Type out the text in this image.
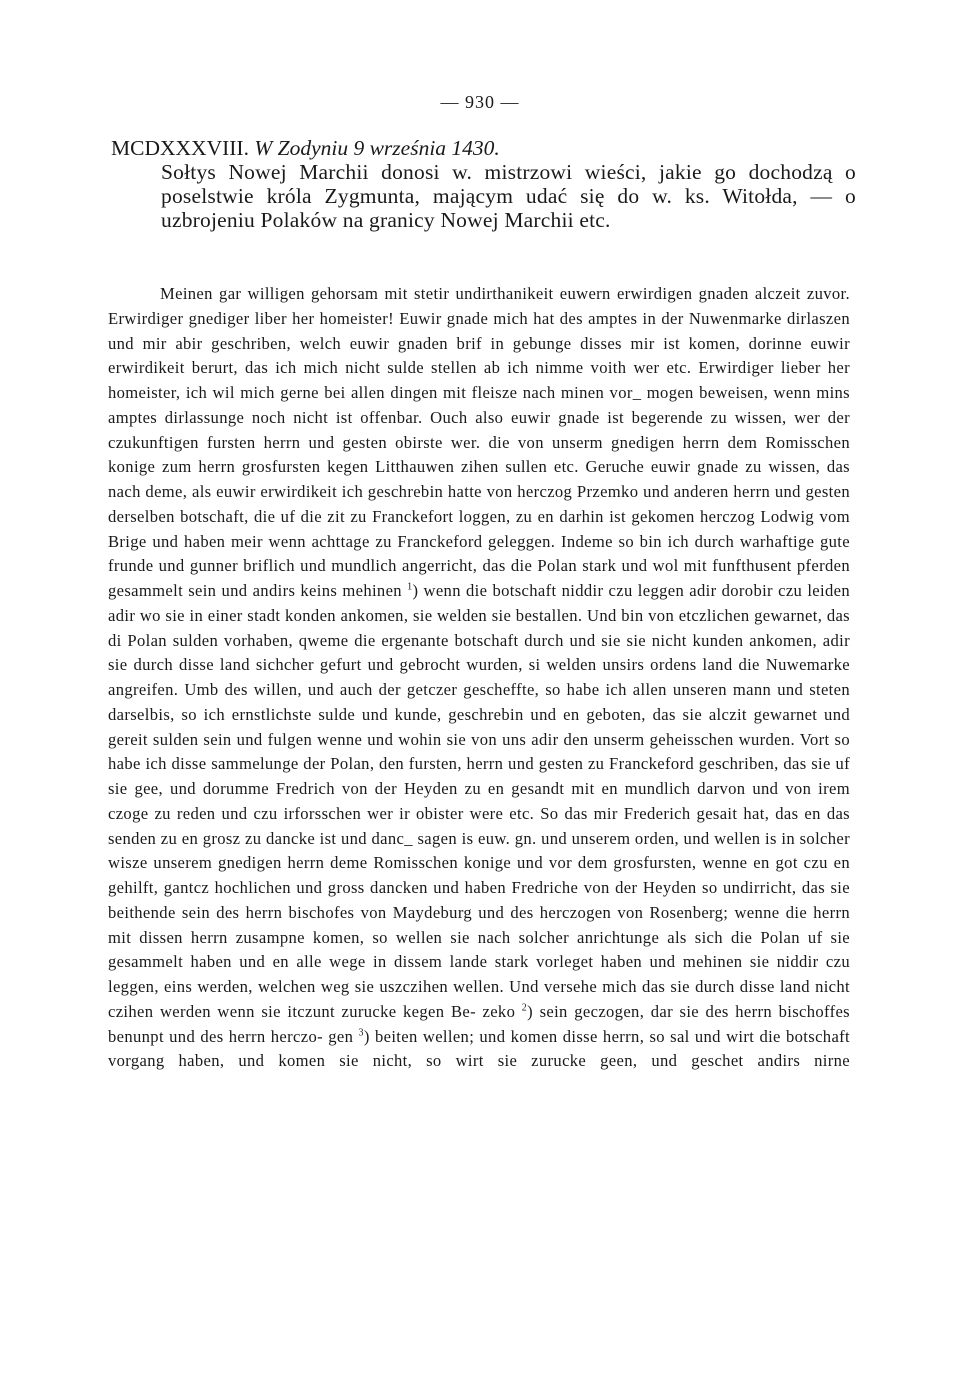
— 930 —
MCDXXXVIII. W Zodyniu 9 września 1430.

Sołtys Nowej Marchii donosi w. mistrzowi wieści, jakie go dochodzą o poselstwie króla Zygmunta, mającym udać się do w. ks. Witołda, — o uzbrojeniu Polaków na granicy Nowej Marchii etc.

Meinen gar willigen gehorsam mit stetir undirthanikeit euwern erwirdigen gnaden alczeit zuvor. Erwirdiger gnediger liber her homeister! Euwir gnade mich hat des amptes in der Nuwenmarke dirlaszen und mir abir geschriben, welch euwir gnaden brif in gebunge disses mir ist komen, dorinne euwir erwirdikeit berurt, das ich mich nicht sulde stellen ab ich nimme voith wer etc. Erwirdiger lieber her homeister, ich wil mich gerne bei allen dingen mit fleisze nach minen vor_ mogen beweisen, wenn mins amptes dirlassunge noch nicht ist offenbar. Ouch also euwir gnade ist begerende zu wissen, wer der czukunftigen fursten herrn und gesten obirste wer. die von unserm gnedigen herrn dem Romisschen konige zum herrn grosfursten kegen Litthauwen zihen sullen etc. Geruche euwir gnade zu wissen, das nach deme, als euwir erwirdikeit ich geschrebin hatte von herczog Przemko und anderen herrn und gesten derselben botschaft, die uf die zit zu Franckefort loggen, zu en darhin ist gekomen herczog Lodwig vom Brige und haben meir wenn achttage zu Franckeford geleggen. Indeme so bin ich durch warhaftige gute frunde und gunner briflich und mundlich angerricht, das die Polan stark und wol mit funfthusent pferden gesammelt sein und andirs keins mehinen $^1$) wenn die botschaft niddir czu leggen adir dorobir czu leiden adir wo sie in einer stadt konden ankomen, sie welden sie bestallen. Und bin von etczlichen gewarnet, das di Polan sulden vorhaben, qweme die ergenante botschaft durch und sie sie nicht kunden ankomen, adir sie durch disse land sichcher gefurt und gebrocht wurden, si welden unsirs ordens land die Nuwemarke angreifen. Umb des willen, und auch der getczer gescheffte, so habe ich allen unseren mann und steten darselbis, so ich ernstlichste sulde und kunde, geschrebin und en geboten, das sie alczit gewarnet und gereit sulden sein und fulgen wenne und wohin sie von uns adir den unserm geheisschen wurden. Vort so habe ich disse sammelunge der Polan, den fursten, herrn und gesten zu Franckeford geschriben, das sie uf sie gee, und dorumme Fredrich von der Heyden zu en gesandt mit en mundlich darvon und von irem czoge zu reden und czu irforsschen wer ir obister were etc. So das mir Frederich gesait hat, das en das senden zu en grosz zu dancke ist und danc_ sagen is euw. gn. und unserem orden, und wellen is in solcher wisze unserem gnedigen herrn deme Romisschen konige und vor dem grosfursten, wenne en got czu en gehilft, gantcz hochlichen und gross dancken und haben Fredriche von der Heyden so undirricht, das sie beithende sein des herrn bischofes von Maydeburg und des herczogen von Rosenberg; wenne die herrn mit dissen herrn zusampne komen, so wellen sie nach solcher anrichtunge als sich die Polan uf sie gesammelt haben und en alle wege in dissem lande stark vorleget haben und mehinen sie niddir czu leggen, eins werden, welchen weg sie uszczihen wellen. Und versehe mich das sie durch disse land nicht czihen werden wenn sie itczunt zurucke kegen Be- zeko $^2$) sein geczogen, dar sie des herrn bischoffes benunpt und des herrn herczo- gen $^3$) beiten wellen; und komen disse herrn, so sal und wirt die botschaft vorgang haben, und komen sie nicht, so wirt sie zurucke geen, und geschet andirs nirne
